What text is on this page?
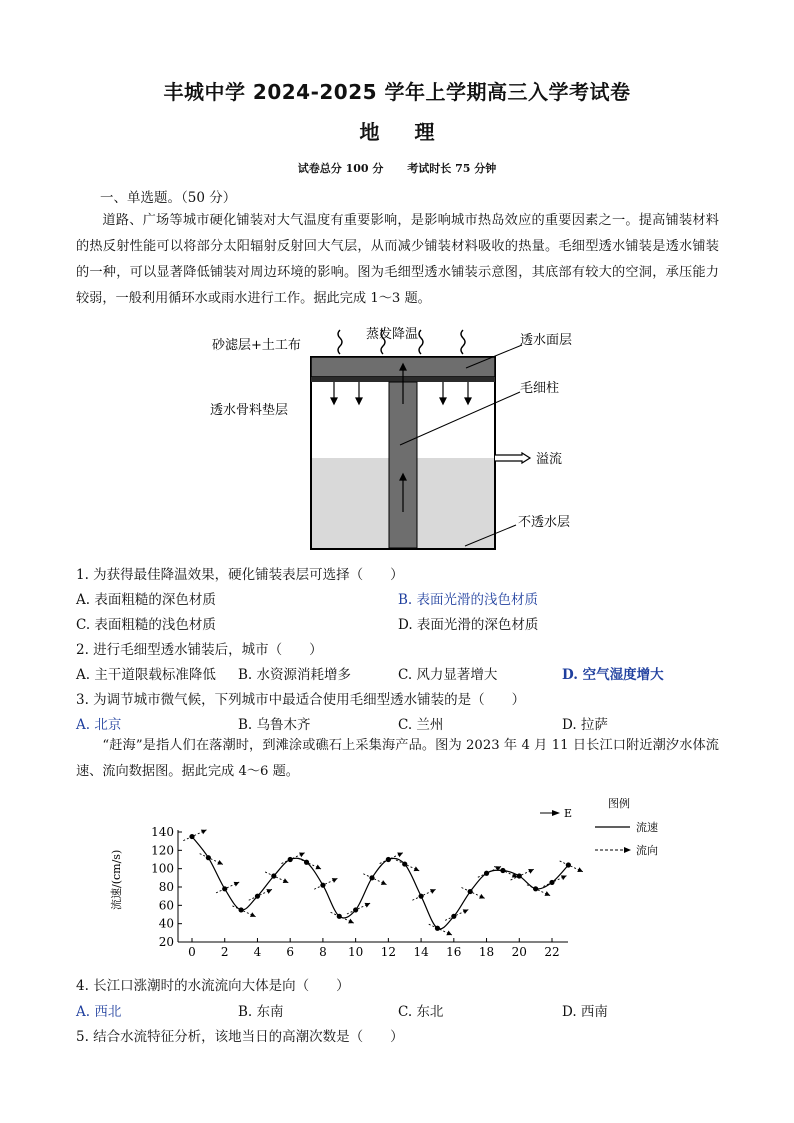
丰城中学 2024-2025 学年上学期高三入学考试卷
地 理
试卷总分 100 分 考试时长 75 分钟
一、单选题。（50 分）
道路、广场等城市硬化铺装对大气温度有重要影响，是影响城市热岛效应的重要因素之一。提高铺装材料的热反射性能可以将部分太阳辐射反射回大气层，从而减少铺装材料吸收的热量。毛细型透水铺装是透水铺装的一种，可以显著降低铺装对周边环境的影响。图为毛细型透水铺装示意图，其底部有较大的空洞，承压能力较弱，一般利用循环水或雨水进行工作。据此完成 1～3 题。
蒸发降温
砂滤层+土工布	透水面层
毛细柱
透水骨料垫层
溢流
不透水层
1. 为获得最佳降温效果，硬化铺装表层可选择（　　）
A. 表面粗糙的深色材质	B. 表面光滑的浅色材质
C. 表面粗糙的浅色材质	D. 表面光滑的深色材质
2. 进行毛细型透水铺装后，城市（　　）
A. 主干道限载标准降低 B. 水资源消耗增多	C. 风力显著增大	D. 空气湿度增大
3. 为调节城市微气候，下列城市中最适合使用毛细型透水铺装的是（　　）
A. 北京	B. 乌鲁木齐	C. 兰州	D. 拉萨
“赶海”是指人们在落潮时，到滩涂或礁石上采集海产品。图为 2023 年 4 月 11 日长江口附近潮汐水体流速、流向数据图。据此完成 4～6 题。
20
40
60
80
100
120
140
0 2 4 6 8 10 12 14 16 18 20 22
流速/(cm/s)
E
图例
流速
流向
4. 长江口涨潮时的水流流向大体是向（　　）
A. 西北	B. 东南	C. 东北	D. 西南
5. 结合水流特征分析，该地当日的高潮次数是（　　）
